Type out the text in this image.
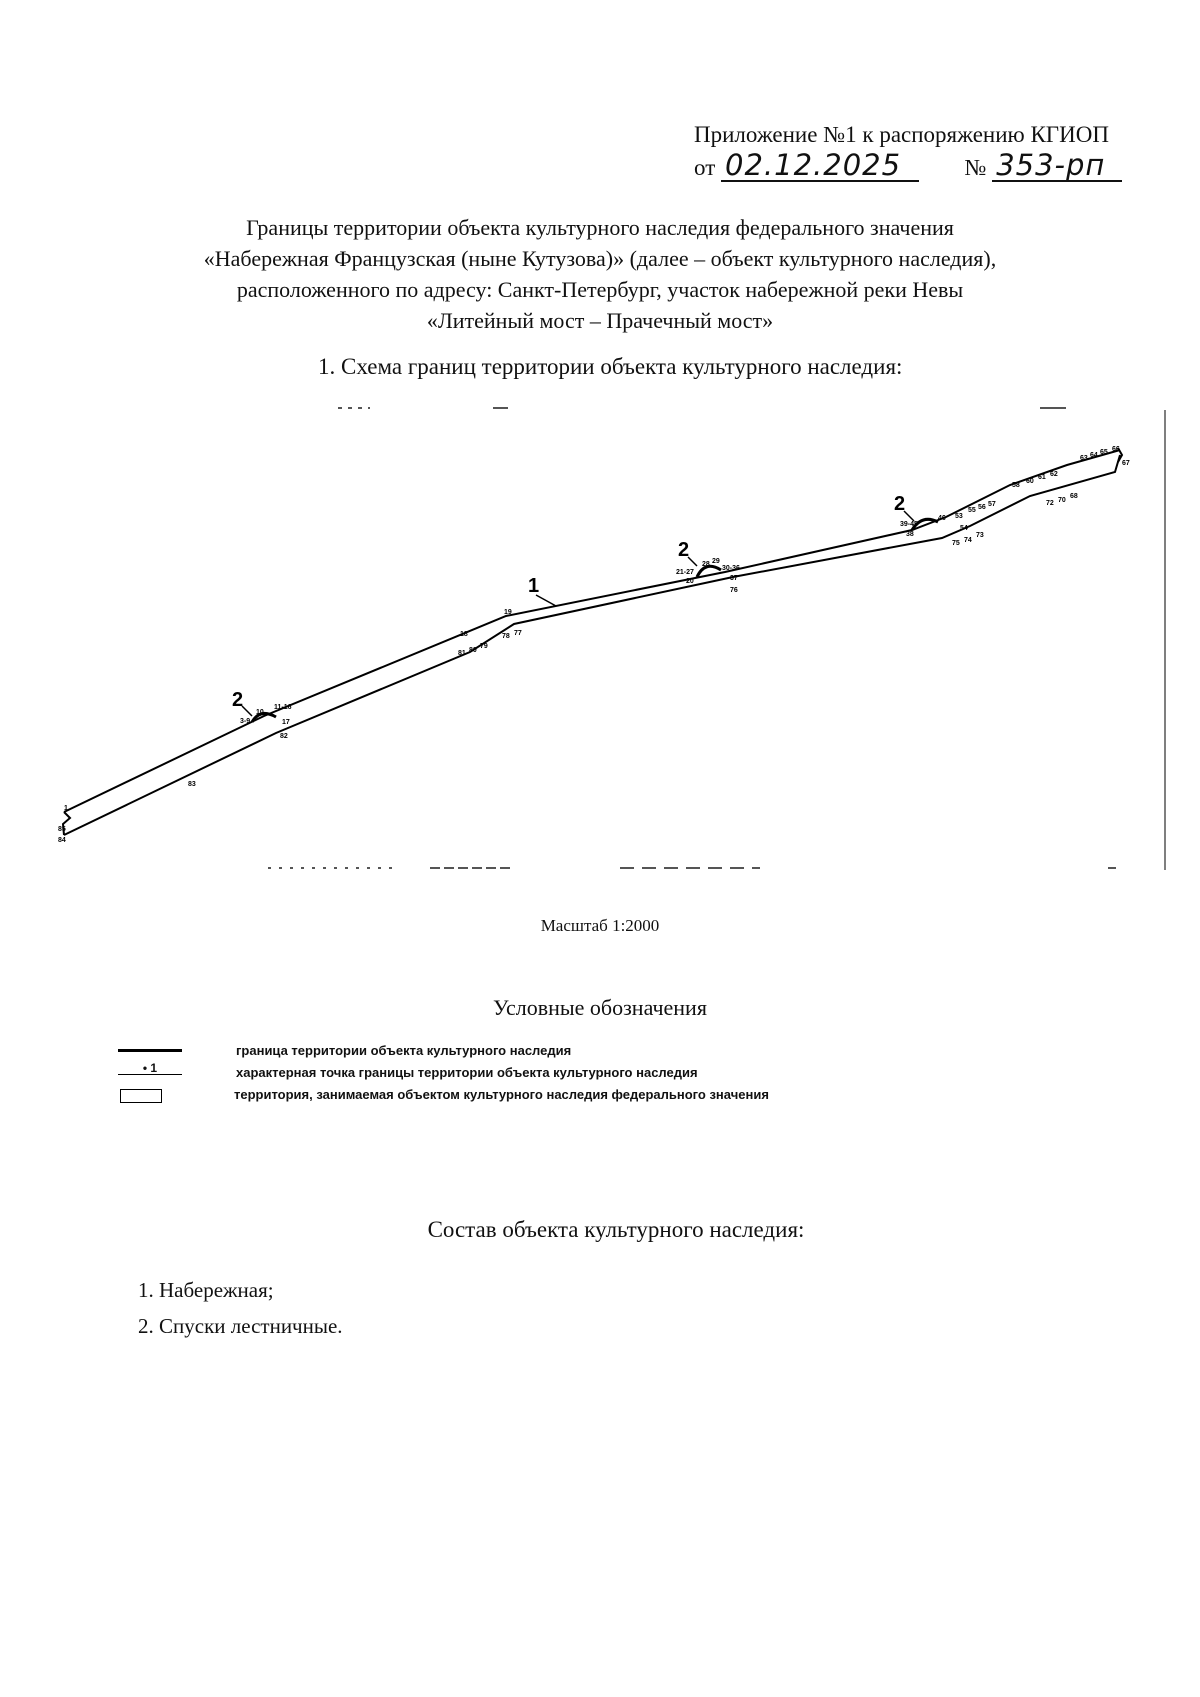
Приложение №1 к распоряжению КГИОП
от 02.12.2025	№ 353-рп
Границы территории объекта культурного наследия федерального значения
«Набережная Французская (ныне Кутузова)» (далее – объект культурного наследия),
расположенного по адресу: Санкт-Петербург, участок набережной реки Невы
«Литейный мост – Прачечный мост»
1. Схема границ территории объекта культурного наследия:
1
2
2
2
1
85
84
83
3-9
10
11-16
17
82
18
81 80
79
19
78 77
21-27
20
28 29
30-36
37
76
39-45
38
46 53
54
55 56 57
75 74
73
58
60
61 62
72 70
68
63 64 65 66
67
Масштаб 1:2000
Условные обозначения
граница территории объекта культурного наследия
• 1	характерная точка границы территории объекта культурного наследия
территория, занимаемая объектом культурного наследия федерального значения
Состав объекта культурного наследия:
1. Набережная;
2. Спуски лестничные.
